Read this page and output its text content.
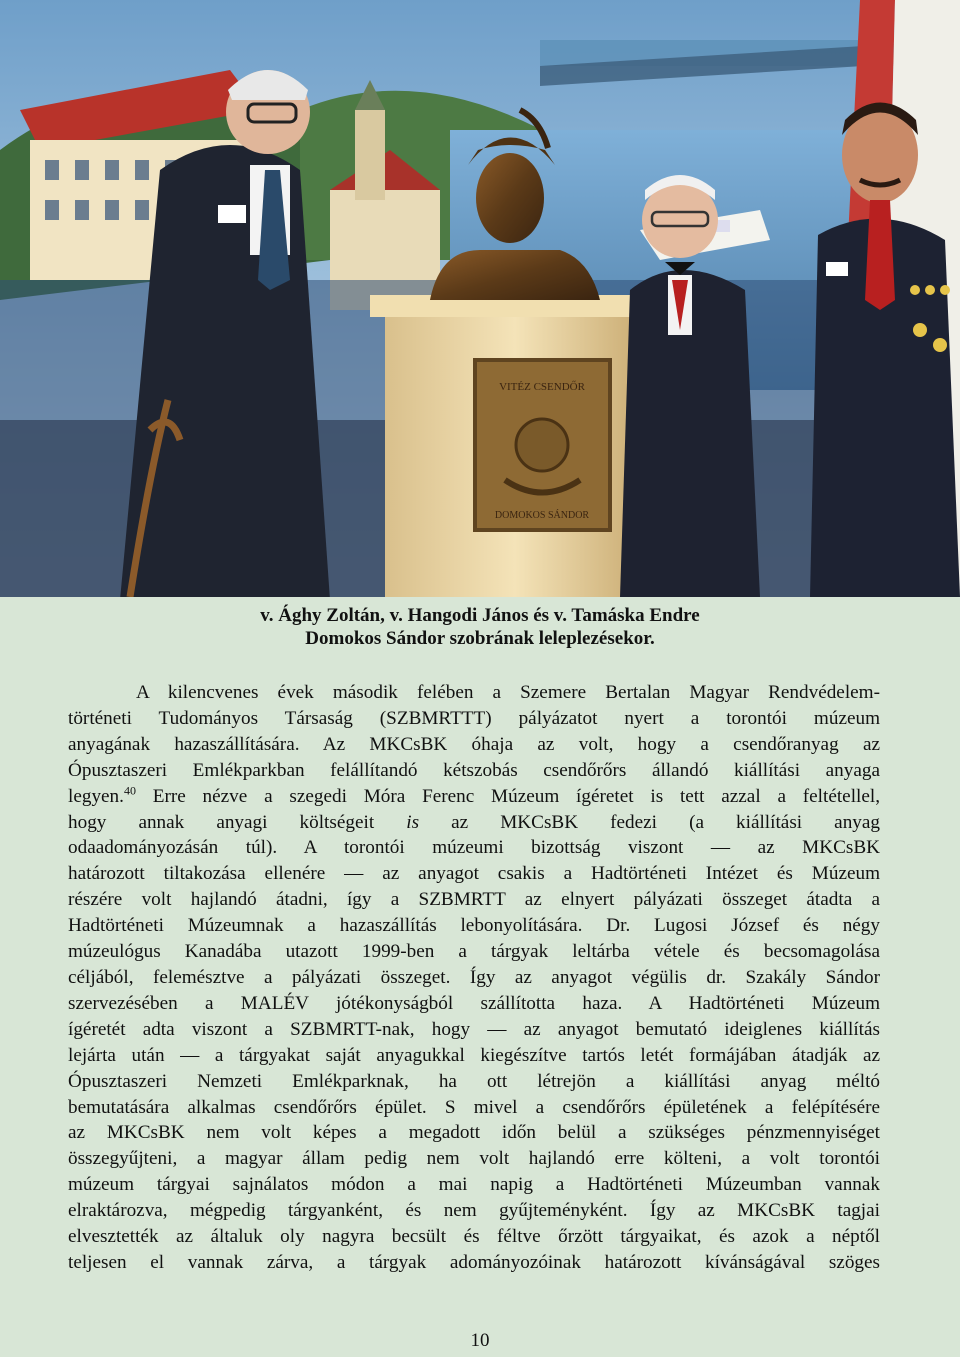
VITÉZ CSENDŐR
DOMOKOS SÁNDOR
v. Ághy Zoltán, v. Hangodi János és v. Tamáska Endre
Domokos Sándor szobrának leleplezésekor.

A kilencvenes évek második felében a Szemere Bertalan Magyar Rendvédelem-

történeti Tudományos Társaság (SZBMRTTT) pályázatot nyert a torontói múzeum

anyagának hazaszállítására. Az MKCsBK óhaja az volt, hogy a csendőranyag az

Ópusztaszeri Emlékparkban felállítandó kétszobás csendőrőrs állandó kiállítási anyaga

legyen.$^{40}$ Erre nézve a szegedi Móra Ferenc Múzeum ígéretet is tett azzal a feltétellel,

hogy annak anyagi költségeit is az MKCsBK fedezi (a kiállítási anyag

odaadományozásán túl). A torontói múzeumi bizottság viszont — az MKCsBK

határozott tiltakozása ellenére — az anyagot csakis a Hadtörténeti Intézet és Múzeum

részére volt hajlandó átadni, így a SZBMRTT az elnyert pályázati összeget átadta a

Hadtörténeti Múzeumnak a hazaszállítás lebonyolítására. Dr. Lugosi József és négy

múzeulógus Kanadába utazott 1999-ben a tárgyak leltárba vétele és becsomagolása

céljából, felemésztve a pályázati összeget. Így az anyagot végülis dr. Szakály Sándor

szervezésében a MALÉV jótékonyságból szállította haza. A Hadtörténeti Múzeum

ígéretét adta viszont a SZBMRTT-nak, hogy — az anyagot bemutató ideiglenes kiállítás

lejárta után — a tárgyakat saját anyagukkal kiegészítve tartós letét formájában átadják az

Ópusztaszeri Nemzeti Emlékparknak, ha ott létrejön a kiállítási anyag méltó

bemutatására alkalmas csendőrőrs épület. S mivel a csendőrőrs épületének a felépítésére

az MKCsBK nem volt képes a megadott időn belül a szükséges pénzmennyiséget

összegyűjteni, a magyar állam pedig nem volt hajlandó erre költeni, a volt torontói

múzeum tárgyai sajnálatos módon a mai napig a Hadtörténeti Múzeumban vannak

elraktározva, mégpedig tárgyanként, és nem gyűjteményként. Így az MKCsBK tagjai

elvesztették az általuk oly nagyra becsült és féltve őrzött tárgyaikat, és azok a néptől

teljesen el vannak zárva, a tárgyak adományozóinak határozott kívánságával szöges

10
